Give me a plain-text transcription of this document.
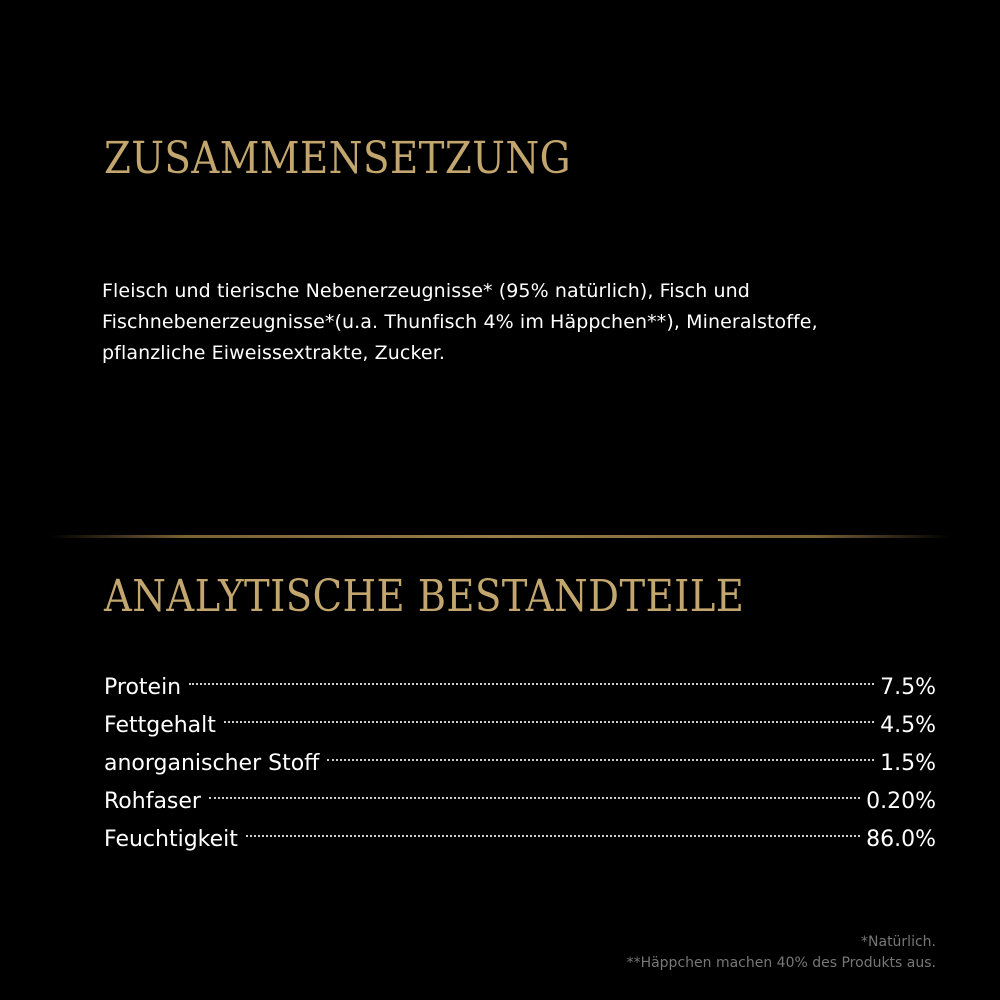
ZUSAMMENSETZUNG

Fleisch und tierische Nebenerzeugnisse* (95% natürlich), Fisch und Fischnebenerzeugnisse*(u.a. Thunfisch 4% im Häppchen**), Mineralstoffe, pflanzliche Eiweissextrakte, Zucker.

ANALYTISCHE BESTANDTEILE
Protein	7.5%
Fettgehalt	4.5%
anorganischer Stoff	1.5%
Rohfaser	0.20%
Feuchtigkeit	86.0%
*Natürlich.
**Häppchen machen 40% des Produkts aus.
